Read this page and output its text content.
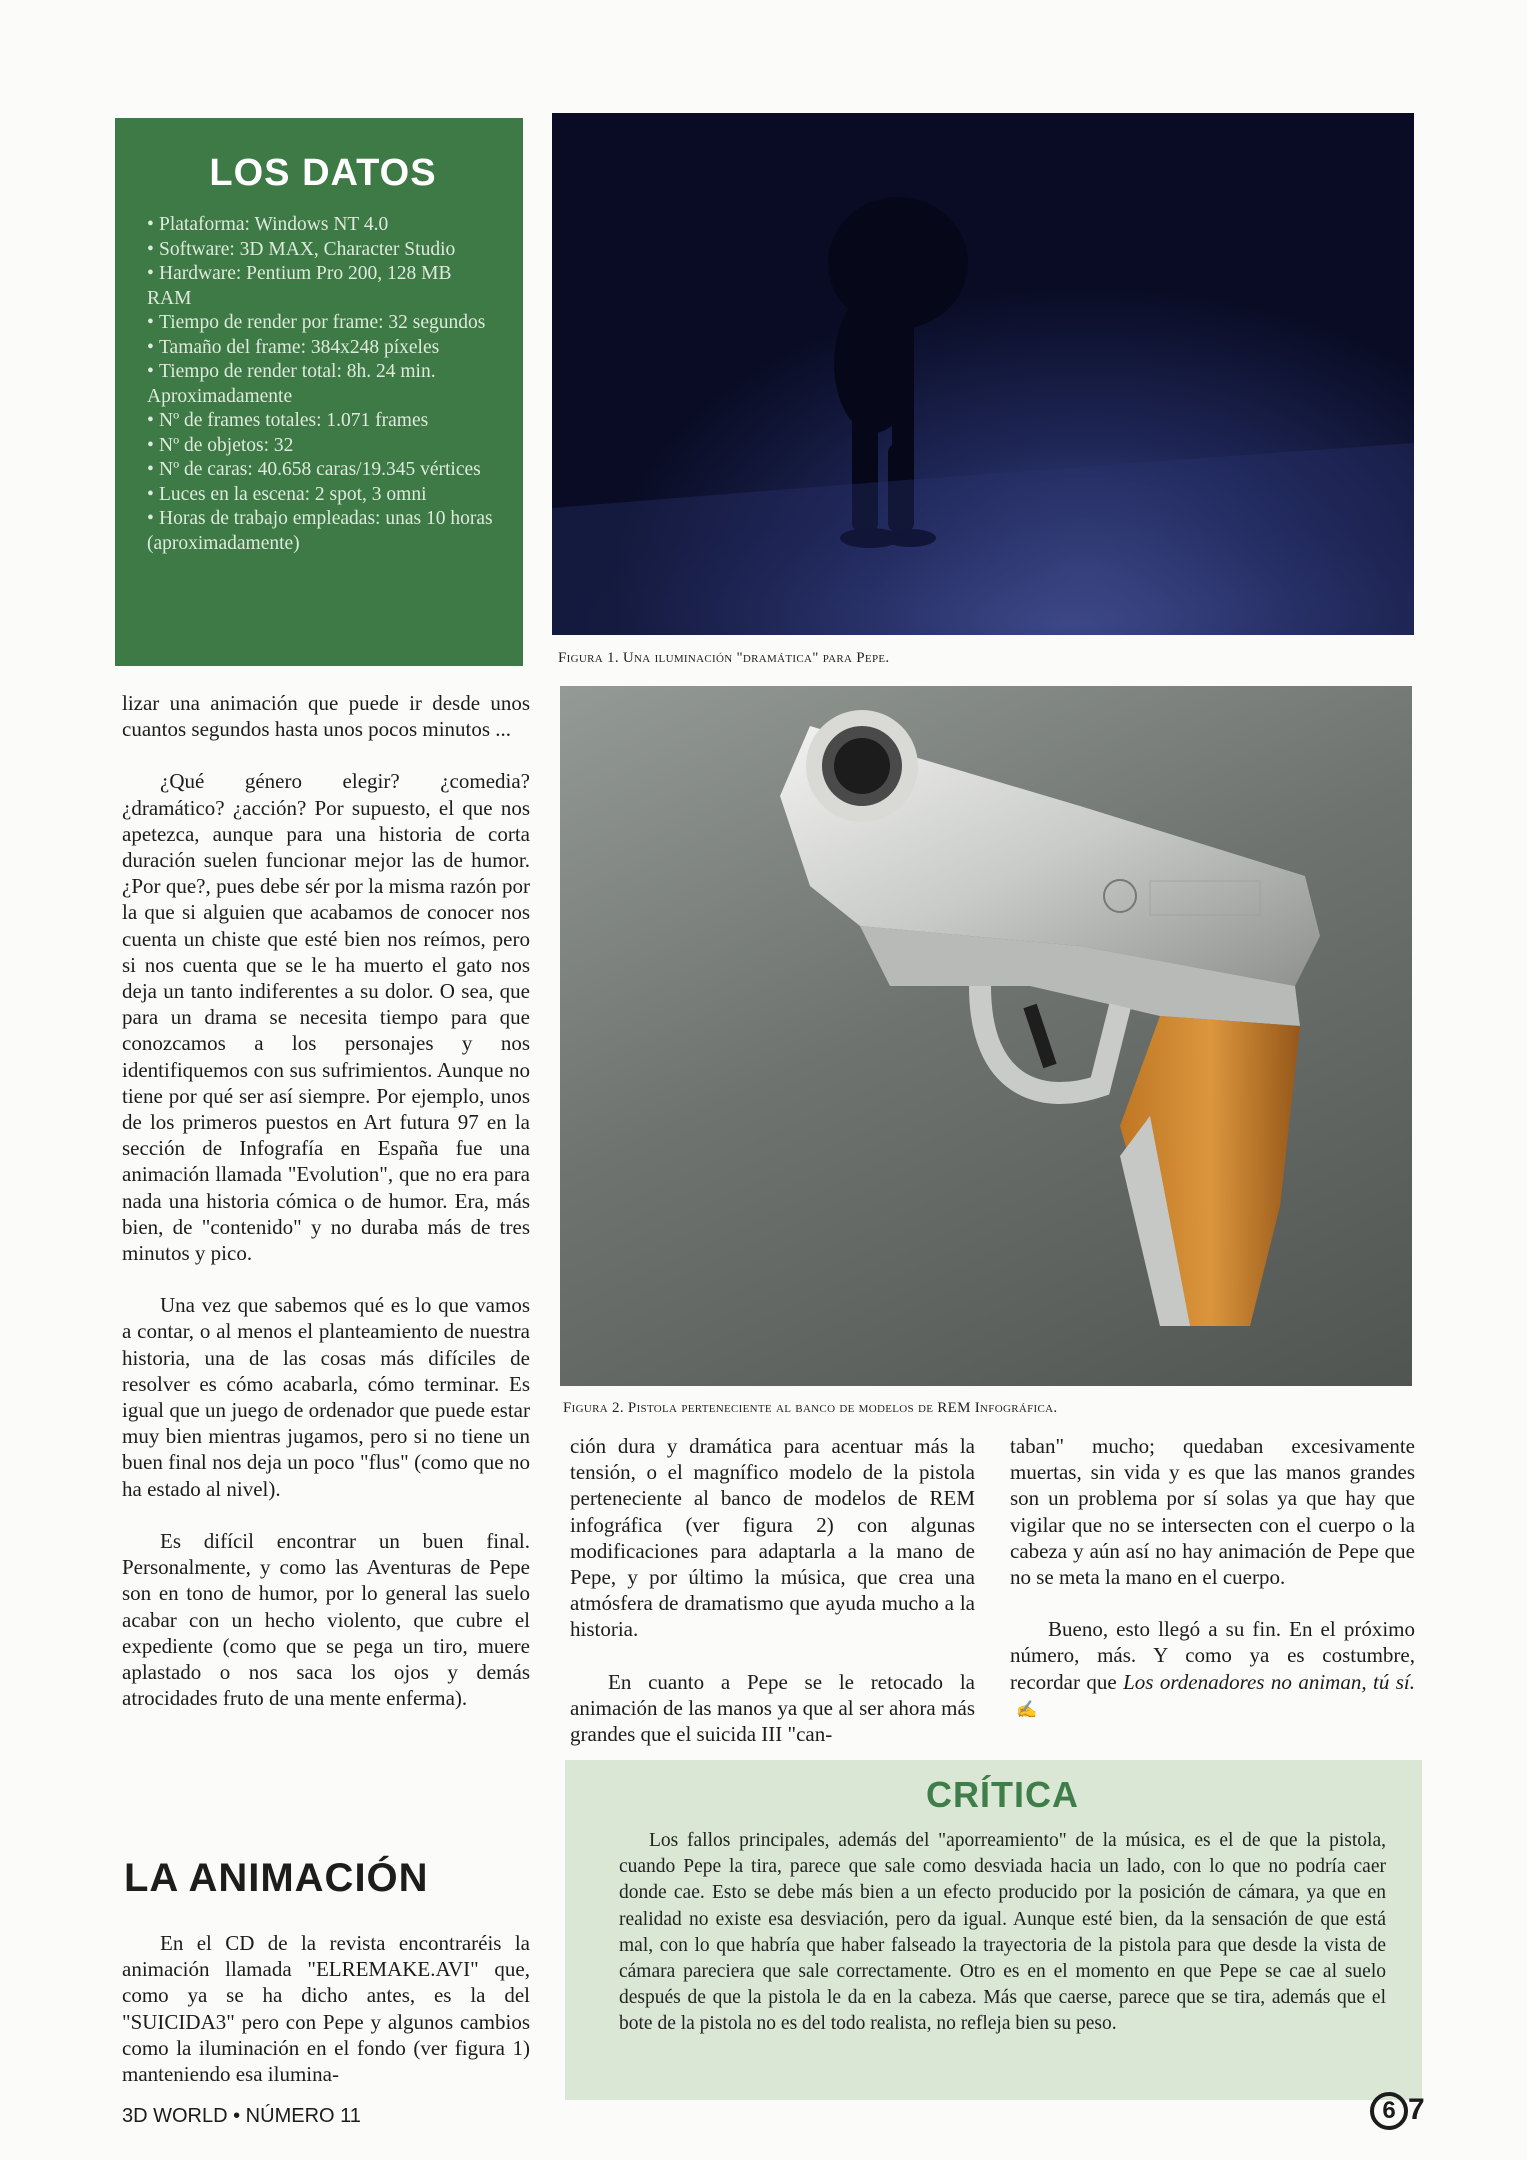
LOS DATOS

• Plataforma: Windows NT 4.0

• Software: 3D MAX, Character Studio

• Hardware: Pentium Pro 200, 128 MB RAM

• Tiempo de render por frame: 32 segundos

• Tamaño del frame: 384x248 píxeles

• Tiempo de render total: 8h. 24 min. Aproximadamente

• Nº de frames totales: 1.071 frames

• Nº de objetos: 32

• Nº de caras: 40.658 caras/19.345 vértices

• Luces en la escena: 2 spot, 3 omni

• Horas de trabajo empleadas: unas 10 horas (aproximadamente)

Figura 1. Una iluminación "dramática" para Pepe.
Figura 2. Pistola perteneciente al banco de modelos de REM Infográfica.

lizar una animación que puede ir desde unos cuantos segundos hasta unos pocos minutos ...

¿Qué género elegir? ¿comedia? ¿dramático? ¿acción? Por supuesto, el que nos apetezca, aunque para una historia de corta duración suelen funcionar mejor las de humor. ¿Por que?, pues debe sér por la misma razón por la que si alguien que acabamos de conocer nos cuenta un chiste que esté bien nos reímos, pero si nos cuenta que se le ha muerto el gato nos deja un tanto indiferentes a su dolor. O sea, que para un drama se necesita tiempo para que conozcamos a los personajes y nos identifiquemos con sus sufrimientos. Aunque no tiene por qué ser así siempre. Por ejemplo, unos de los primeros puestos en Art futura 97 en la sección de Infografía en España fue una animación llamada "Evolution", que no era para nada una historia cómica o de humor. Era, más bien, de "contenido" y no duraba más de tres minutos y pico.

Una vez que sabemos qué es lo que vamos a contar, o al menos el planteamiento de nuestra historia, una de las cosas más difíciles de resolver es cómo acabarla, cómo terminar. Es igual que un juego de ordenador que puede estar muy bien mientras jugamos, pero si no tiene un buen final nos deja un poco "flus" (como que no ha estado al nivel).

Es difícil encontrar un buen final. Personalmente, y como las Aventuras de Pepe son en tono de humor, por lo general las suelo acabar con un hecho violento, que cubre el expediente (como que se pega un tiro, muere aplastado o nos saca los ojos y demás atrocidades fruto de una mente enferma).

LA ANIMACIÓN

En el CD de la revista encontraréis la animación llamada "ELREMAKE.AVI" que, como ya se ha dicho antes, es la del "SUICIDA3" pero con Pepe y algunos cambios como la iluminación en el fondo (ver figura 1) manteniendo esa ilumina-

ción dura y dramática para acentuar más la tensión, o el magnífico modelo de la pistola perteneciente al banco de modelos de REM infográfica (ver figura 2) con algunas modificaciones para adaptarla a la mano de Pepe, y por último la música, que crea una atmósfera de dramatismo que ayuda mucho a la historia.

En cuanto a Pepe se le retocado la animación de las manos ya que al ser ahora más grandes que el suicida III "can-

taban" mucho; quedaban excesivamente muertas, sin vida y es que las manos grandes son un problema por sí solas ya que hay que vigilar que no se intersecten con el cuerpo o la cabeza y aún así no hay animación de Pepe que no se meta la mano en el cuerpo.

Bueno, esto llegó a su fin. En el próximo número, más. Y como ya es costumbre, recordar que Los ordenadores no animan, tú sí.✍

CRÍTICA

Los fallos principales, además del "aporreamiento" de la música, es el de que la pistola, cuando Pepe la tira, parece que sale como desviada hacia un lado, con lo que no podría caer donde cae. Esto se debe más bien a un efecto producido por la posición de cámara, ya que en realidad no existe esa desviación, pero da igual. Aunque esté bien, da la sensación de que está mal, con lo que habría que haber falseado la trayectoria de la pistola para que desde la vista de cámara pareciera que sale correctamente. Otro es en el momento en que Pepe se cae al suelo después de que la pistola le da en la cabeza. Más que caerse, parece que se tira, además que el bote de la pistola no es del todo realista, no refleja bien su peso.

3D WORLD • NÚMERO 11	6 7
